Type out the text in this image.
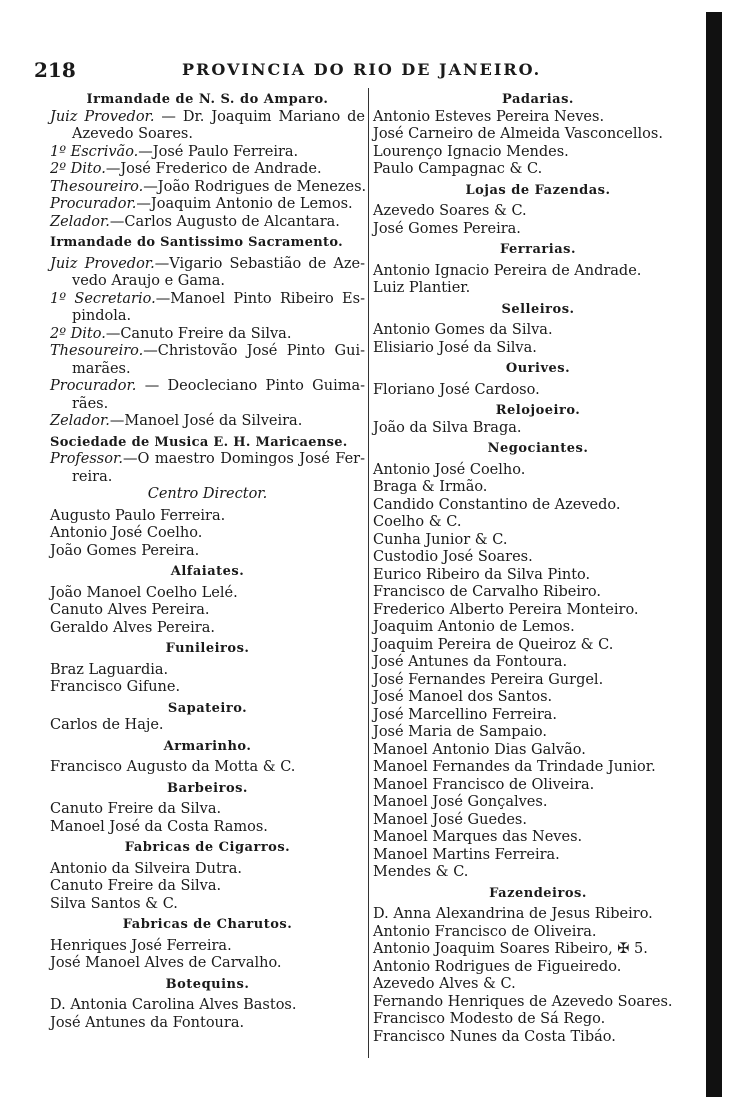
218	PROVINCIA DO RIO DE JANEIRO.

Irmandade de N. S. do Amparo.

Juiz Provedor. — Dr. Joaquim Mariano de

Azevedo Soares.

1º Escrivão.—José Paulo Ferreira.

2º Dito.—José Frederico de Andrade.

Thesoureiro.—João Rodrigues de Menezes.

Procurador.—Joaquim Antonio de Lemos.

Zelador.—Carlos Augusto de Alcantara.

Irmandade do Santissimo Sacramento.

Juiz Provedor.—Vigario Sebastião de Aze-

vedo Araujo e Gama.

1º Secretario.—Manoel Pinto Ribeiro Es-

pindola.

2º Dito.—Canuto Freire da Silva.

Thesoureiro.—Christovão José Pinto Gui-

marães.

Procurador. — Deocleciano Pinto Guima-

rães.

Zelador.—Manoel José da Silveira.

Sociedade de Musica E. H. Maricaense.

Professor.—O maestro Domingos José Fer-

reira.

Centro Director.

Augusto Paulo Ferreira.

Antonio José Coelho.

João Gomes Pereira.

Alfaiates.

João Manoel Coelho Lelé.

Canuto Alves Pereira.

Geraldo Alves Pereira.

Funileiros.

Braz Laguardia.

Francisco Gifune.

Sapateiro.

Carlos de Haje.

Armarinho.

Francisco Augusto da Motta & C.

Barbeiros.

Canuto Freire da Silva.

Manoel José da Costa Ramos.

Fabricas de Cigarros.

Antonio da Silveira Dutra.

Canuto Freire da Silva.

Silva Santos & C.

Fabricas de Charutos.

Henriques José Ferreira.

José Manoel Alves de Carvalho.

Botequins.

D. Antonia Carolina Alves Bastos.

José Antunes da Fontoura.

Padarias.

Antonio Esteves Pereira Neves.

José Carneiro de Almeida Vasconcellos.

Lourenço Ignacio Mendes.

Paulo Campagnac & C.

Lojas de Fazendas.

Azevedo Soares & C.

José Gomes Pereira.

Ferrarias.

Antonio Ignacio Pereira de Andrade.

Luiz Plantier.

Selleiros.

Antonio Gomes da Silva.

Elisiario José da Silva.

Ourives.

Floriano José Cardoso.

Relojoeiro.

João da Silva Braga.

Negociantes.

Antonio José Coelho.

Braga & Irmão.

Candido Constantino de Azevedo.

Coelho & C.

Cunha Junior & C.

Custodio José Soares.

Eurico Ribeiro da Silva Pinto.

Francisco de Carvalho Ribeiro.

Frederico Alberto Pereira Monteiro.

Joaquim Antonio de Lemos.

Joaquim Pereira de Queiroz & C.

José Antunes da Fontoura.

José Fernandes Pereira Gurgel.

José Manoel dos Santos.

José Marcellino Ferreira.

José Maria de Sampaio.

Manoel Antonio Dias Galvão.

Manoel Fernandes da Trindade Junior.

Manoel Francisco de Oliveira.

Manoel José Gonçalves.

Manoel José Guedes.

Manoel Marques das Neves.

Manoel Martins Ferreira.

Mendes & C.

Fazendeiros.

D. Anna Alexandrina de Jesus Ribeiro.

Antonio Francisco de Oliveira.

Antonio Joaquim Soares Ribeiro, ✠ 5.

Antonio Rodrigues de Figueiredo.

Azevedo Alves & C.

Fernando Henriques de Azevedo Soares.

Francisco Modesto de Sá Rego.

Francisco Nunes da Costa Tibáo.
